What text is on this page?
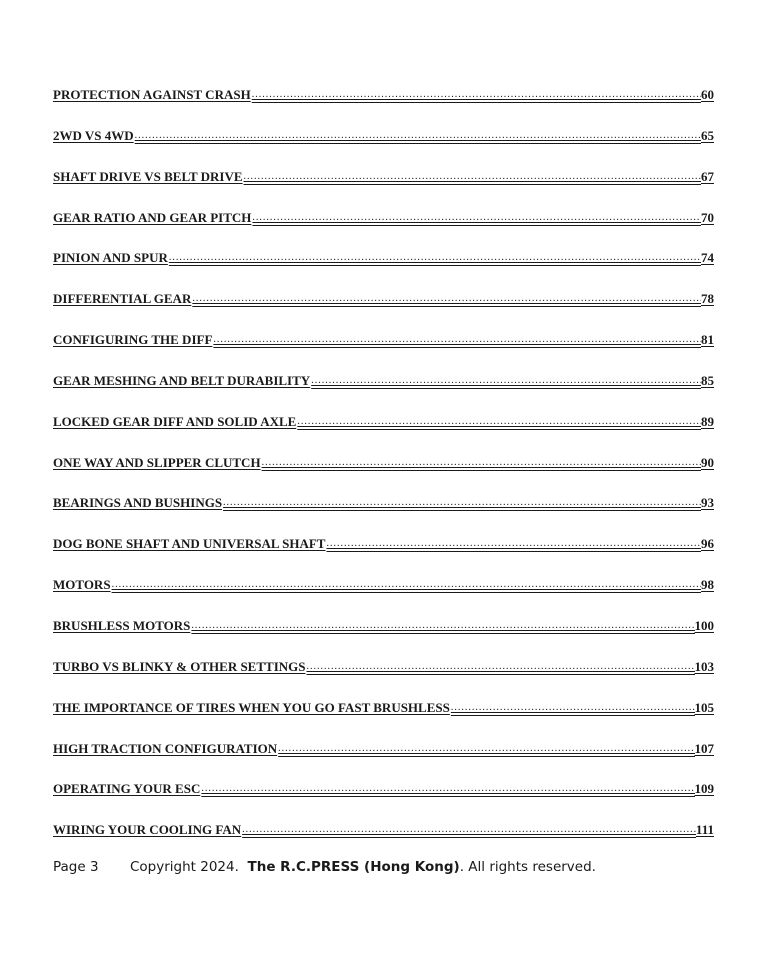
PROTECTION AGAINST CRASH .....	60
2WD VS 4WD .....	65
SHAFT DRIVE VS BELT DRIVE .....	67
GEAR RATIO AND GEAR PITCH .....	70
PINION AND SPUR .....	74
DIFFERENTIAL GEAR .....	78
CONFIGURING THE DIFF .....	81
GEAR MESHING AND BELT DURABILITY .....	85
LOCKED GEAR DIFF AND SOLID AXLE .....	89
ONE WAY AND SLIPPER CLUTCH .....	90
BEARINGS AND BUSHINGS .....	93
DOG BONE SHAFT AND UNIVERSAL SHAFT .....	96
MOTORS .....	98
BRUSHLESS MOTORS .....	100
TURBO VS BLINKY & OTHER SETTINGS .....	103
THE IMPORTANCE OF TIRES WHEN YOU GO FAST BRUSHLESS .....	105
HIGH TRACTION CONFIGURATION .....	107
OPERATING YOUR ESC .....	109
WIRING YOUR COOLING FAN .....	111
Page 3 Copyright 2024. The R.C.PRESS (Hong Kong). All rights reserved.
